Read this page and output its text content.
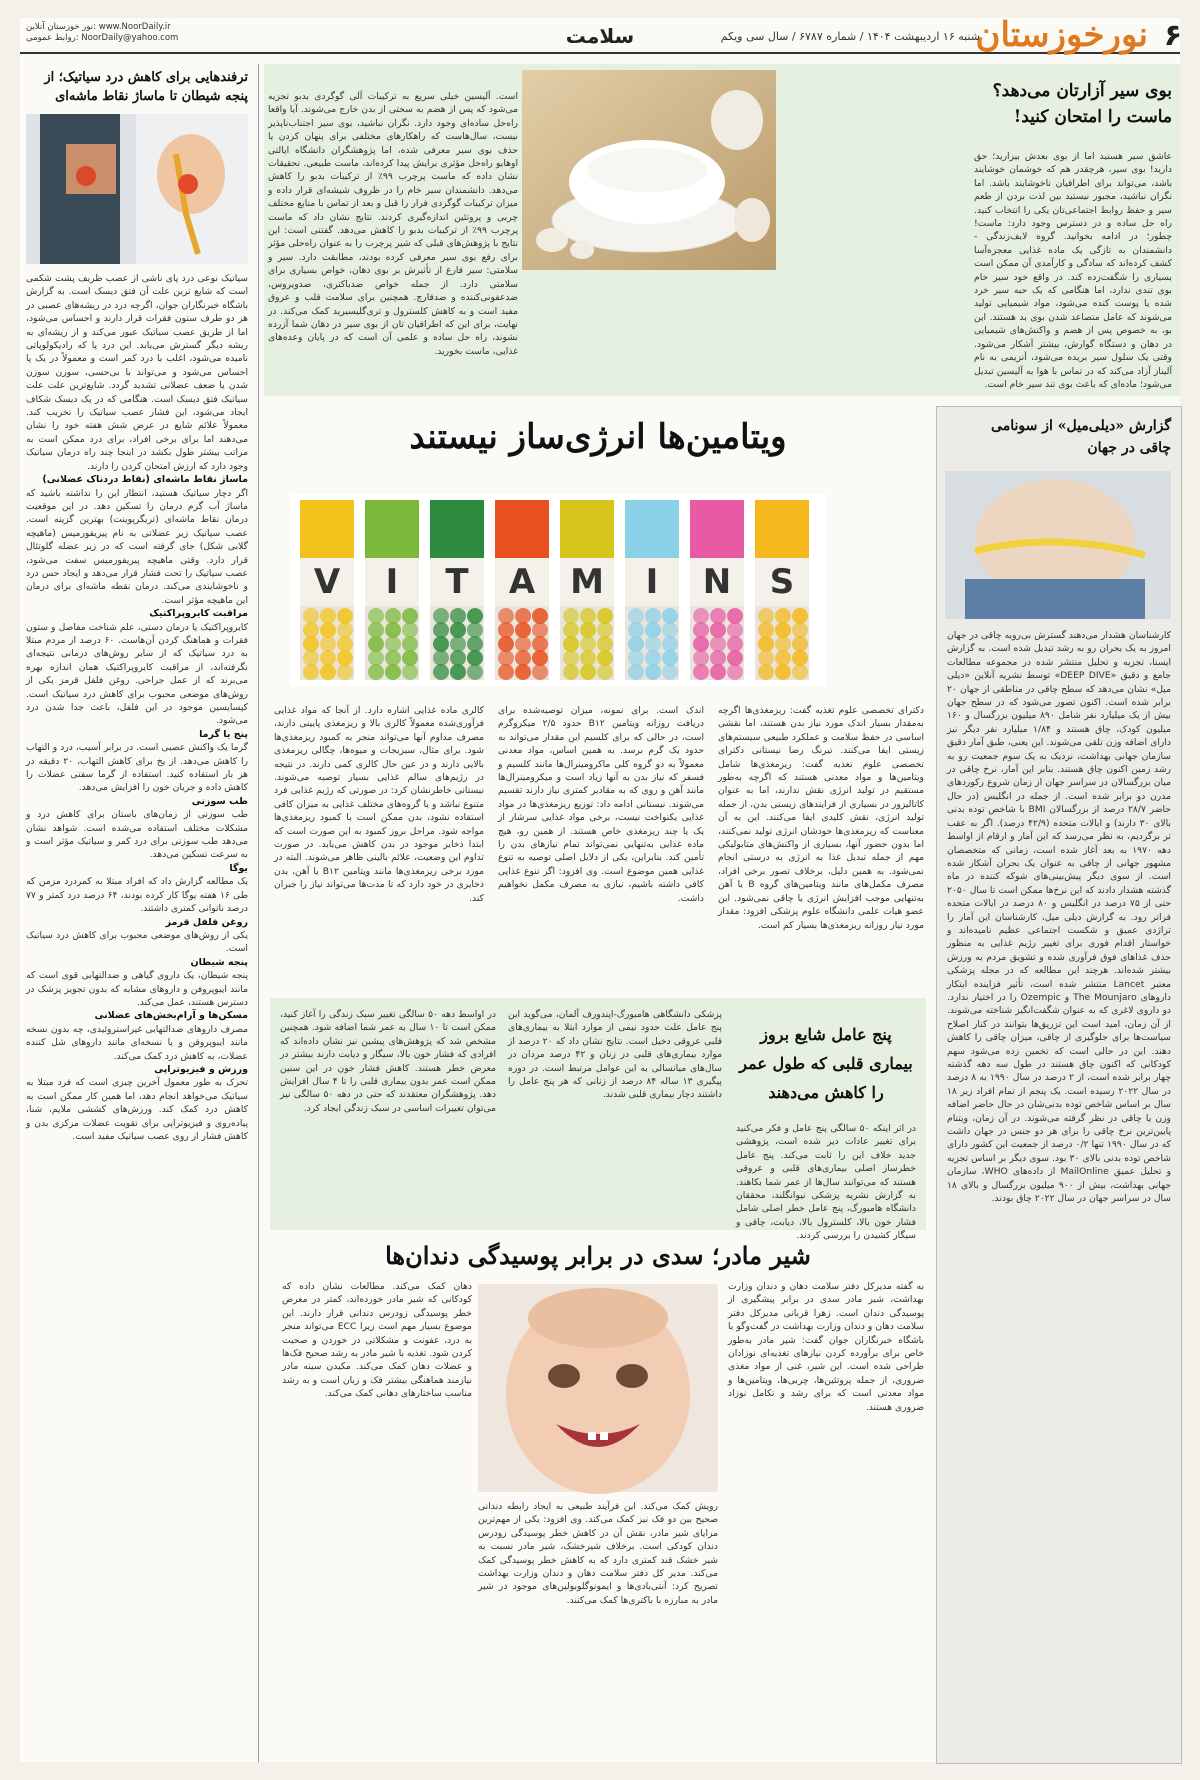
۶
نورخوزستان
شنبه ۱۶ اردیبهشت ۱۴۰۴ / شماره ۶۷۸۷ / سال سی ویکم
سلامت
نور خوزستان آنلاین: www.NoorDaily.ir
روابط عمومی: NoorDaily@yahoo.com
بوی سیر آزارتان می‌دهد؟ ماست را امتحان کنید!
عاشق سیر هستید اما از بوی بعدش بیزارید؛ حق دارید! بوی سیر، هرچقدر هم که خوشمان خوشایند باشد، می‌تواند برای اطرافیان ناخوشایند باشد. اما نگران نباشید، مجبور نیستید بین لذت بردن از طعم سیر و حفظ روابط اجتماعی‌تان یکی را انتخاب کنید. راه حل ساده و در دسترس وجود دارد: ماست! چطور؛ در ادامه بخوانید. گروه لایف‌زندگی - دانشمندان به تازگی یک ماده غذایی معجزه‌آسا کشف کرده‌اند که سادگی و کارآمدی آن ممکن است بسیاری را شگفت‌زده کند. در واقع خود سیر خام بوی تندی ندارد، اما هنگامی که یک حبه سیر خرد شده یا پوست کنده می‌شود، مواد شیمیایی تولید می‌شوند که عامل متصاعد شدن بوی بد هستند. این بو، به خصوص پس از هضم و واکنش‌های شیمیایی در دهان و دستگاه گوارش، بیشتر آشکار می‌شود. وقتی یک سلول سیر بریده می‌شود، آنزیمی به نام آلیناز آزاد می‌کند که در تماس با هوا به آلیسین تبدیل می‌شود؛ ماده‌ای که باعث بوی تند سیر خام است.
است. آلیسین خیلی سریع به ترکیبات آلی گوگردی بدبو تجزیه می‌شود که پس از هضم به سختی از بدن خارج می‌شوند. آیا واقعا راه‌حل ساده‌ای وجود دارد. نگران نباشید، بوی سیر اجتناب‌ناپذیر نیست، سال‌هاست که راهکارهای مختلفی برای پنهان کردن یا حذف بوی سیر معرفی شده، اما پژوهشگران دانشگاه ایالتی اوهایو راه‌حل مؤثری برایش پیدا کرده‌اند، ماست طبیعی. تحقیقات نشان داده که ماست پرچرب ۹۹٪ از ترکیبات بدبو را کاهش می‌دهد. دانشمندان سیر خام را در ظروف شیشه‌ای قرار داده و میزان ترکیبات گوگردی فرار را قبل و بعد از تماس با منابع مختلف چربی و پروتئین اندازه‌گیری کردند. نتایج نشان داد که ماست پرچرب ۹۹٪ از ترکیبات بدبو را کاهش می‌دهد. گفتنی است: این نتایج با پژوهش‌های قبلی که شیر پرچرب را به عنوان راه‌حلی مؤثر برای رفع بوی سیر معرفی کرده بودند، مطابقت دارد. سیر و سلامتی: سیر فارغ از تأثیرش بر بوی دهان، خواص بسیاری برای سلامتی دارد. از جمله خواص ضدباکتری، ضدویروس، ضدعفونی‌کننده و ضدقارچ. همچنین برای سلامت قلب و عروق مفید است و به کاهش کلسترول و تری‌گلیسیرید کمک می‌کند. در نهایت، برای این که اطرافیان تان از بوی سیر در دهان شما آزرده نشوند، راه حل ساده و علمی آن است که در پایان وعده‌های غذایی، ماست بخورید.
ترفندهایی برای کاهش درد سیاتیک؛ از پنجه شیطان تا ماساژ نقاط ماشه‌ای
سیاتیک نوعی درد پای ناشی از عصب ظریف پشت شکمی است که شایع ترین علت آن فتق دیسک است. به گزارش باشگاه خبرنگاران جوان، اگرچه درد در ریشه‌های عصبی در هر دو طرف ستون فقرات قرار دارند و احساس می‌شود، اما از طریق عصب سیاتیک عبور می‌کند و از ریشه‌ای به ریشه دیگر گسترش می‌یابد. این درد پا که رادیکولوپاتی نامیده می‌شود، اغلب با درد کمر است و معمولاً در یک پا احساس می‌شود و می‌تواند با بی‌حسی، سوزن سوزن شدن یا ضعف عضلانی تشدید گردد. شایع‌ترین علت علت سیاتیک فتق دیسک است. هنگامی که در یک دیسک شکاف ایجاد می‌شود، این فشار عصب سیاتیک را تخریب کند. معمولاً علائم شایع در عرض شش هفته خود را نشان می‌دهند اما برای برخی افراد، برای درد ممکن است به مراتب بیشتر طول بکشد در اینجا چند راه درمان سیاتیک وجود دارد که ارزش امتحان کردن را دارند.
ماساژ نقاط ماشه‌ای (نقاط دردناک عضلانی)
اگر دچار سیاتیک هستید، انتظار این را نداشته باشید که ماساژ آب گرم درمان را تسکین دهد. در این موقعیت درمان نقاط ماشه‌ای (تریگرپوینت) بهترین گزینه است. عصب سیاتیک زیر عضلاتی به نام پیریفورمیس (ماهیچه گلابی شکل) جای گرفته است که در زیر عضله گلوتئال قرار دارد. وقتی ماهیچه پیریفورمیس سفت می‌شود، عصب سیاتیک را تحت فشار قرار می‌دهد و ایجاد حس درد و ناخوشایندی می‌کند. درمان نقطه ماشه‌ای برای درمان این ماهیچه مؤثر است.
مراقبت کایروپراکتیک
کایروپراکتیک یا درمان دستی، علم شناخت مفاصل و ستون فقرات و هماهنگ کردن آن‌هاست. ۶۰ درصد از مردم مبتلا به درد سیاتیک که از سایر روش‌های درمانی نتیجه‌ای نگرفته‌اند، از مراقبت کایروپراکتیک همان اندازه بهره می‌برند که از عمل جراحی. روغن فلفل قرمز یکی از روش‌های موضعی محبوب برای کاهش درد سیاتیک است. کپسایسین موجود در این فلفل، باعث جدا شدن درد می‌شود.
پنج یا گرما
گرما یک واکنش عصبی است. در برابر آسیب، درد و التهاب را کاهش می‌دهد. از یخ برای کاهش التهاب، ۲۰ دقیقه در هر بار استفاده کنید. استفاده از گرما سفتی عضلات را کاهش داده و جریان خون را افزایش می‌دهد.
طب سوزنی
طب سوزنی از زمان‌های باستان برای کاهش درد و مشکلات مختلف استفاده می‌شده است. شواهد نشان می‌دهد طب سوزنی برای درد کمر و سیاتیک مؤثر است و به سرعت تسکین می‌دهد.
یوگا
یک مطالعه گزارش داد که افراد مبتلا به کمردرد مزمن که طی ۱۶ هفته یوگا کار کرده بودند، ۶۴ درصد درد کمتر و ۷۷ درصد ناتوانی کمتری داشتند.
روغن فلفل قرمز
یکی از روش‌های موضعی محبوب برای کاهش درد سیاتیک است.
پنجه شیطان
پنجه شیطان، یک داروی گیاهی و ضدالتهابی قوی است که مانند ایبوپروفن و داروهای مشابه که بدون تجویز پزشک در دسترس هستند، عمل می‌کند.
مسکن‌ها و آرام‌بخش‌های عضلانی
مصرف داروهای ضدالتهابی غیراستروئیدی، چه بدون نسخه مانند ایبوپروفن و یا نسخه‌ای مانند داروهای شل کننده عضلات، به کاهش درد کمک می‌کند.
ورزش و فیزیوتراپی
تحرک به طور معمول آخرین چیزی است که فرد مبتلا به سیاتیک می‌خواهد انجام دهد، اما همین کار ممکن است به کاهش درد کمک کند. ورزش‌های کششی ملایم، شنا، پیاده‌روی و فیزیوتراپی برای تقویت عضلات مرکزی بدن و کاهش فشار از روی عصب سیاتیک مفید است.
گزارش «دیلی‌میل» از سونامی چاقی در جهان
کارشناسان هشدار می‌دهند گسترش بی‌رویه چاقی در جهان امروز به یک بحران رو به رشد تبدیل شده است. به گزارش ایسنا، تجزیه و تحلیل منتشر شده در مجموعه مطالعات جامع و دقیق «DEEP DIVE» توسط نشریه آنلاین «دیلی میل» نشان می‌دهد که سطح چاقی در مناطقی از جهان ۲۰ برابر شده است. اکنون تصور می‌شود که در سطح جهان بیش از یک میلیارد نفر شامل ۸۹۰ میلیون بزرگسال و ۱۶۰ میلیون کودک، چاق هستند و ۱/۸۴ میلیارد نفر دیگر نیز دارای اضافه وزن تلقی می‌شوند. این یعنی، طبق آمار دقیق سازمان جهانی بهداشت، نزدیک به یک سوم جمعیت رو به رشد زمین اکنون چاق هستند. بنابر این آمار، نرخ چاقی در میان بزرگسالان در سراسر جهان از زمان شروع رکوردهای مدرن دو برابر شده است. از جمله در انگلیس (در حال حاضر ۲۸/۷ درصد از بزرگسالان BMI با شاخص توده بدنی بالای ۳۰ دارند) و ایالات متحده (۴۲/۹ درصد). اگر به عقب تر برگردیم، به نظر می‌رسد که این آمار و ارقام از اواسط دهه ۱۹۷۰ به بعد آغاز شده است، زمانی که متخصصان مشهور جهانی از چاقی به عنوان یک بحران آشکار شده است. از سوی دیگر پیش‌بینی‌های شوکه کننده در ماه گذشته هشدار دادند که این نرخ‌ها ممکن است تا سال ۲۰۵۰ حتی از ۷۵ درصد در انگلیس و ۸۰ درصد در ایالات متحده فراتر رود. به گزارش دیلی میل، کارشناسان این آمار را تراژدی عمیق و شکست اجتماعی عظیم نامیده‌اند و خواستار اقدام فوری برای تغییر رژیم غذایی به منظور حذف غذاهای فوق فرآوری شده و تشویق مردم به ورزش بیشتر شده‌اند. هرچند این مطالعه که در مجله پزشکی معتبر Lancet منتشر شده است، تأثیر فزاینده ابتکار داروهای The Mounjaro و Ozempic را در اختیار ندارد. دو داروی لاغری که به عنوان شگفت‌انگیز شناخته می‌شوند. از آن زمان، امید است این تزریق‌ها بتوانند در کنار اصلاح سیاست‌ها برای جلوگیری از چاقی، میزان چاقی را کاهش دهند. این در حالی است که تخمین زده می‌شود سهم کودکانی که اکنون چاق هستند در طول سه دهه گذشته چهار برابر شده است، از ۲ درصد در سال ۱۹۹۰ به ۸ درصد در سال ۲۰۲۲ رسیده است. یک پنجم از تمام افراد زیر ۱۸ سال بر اساس شاخص توده بدنی‌شان در حال حاضر اضافه وزن یا چاقی در نظر گرفته می‌شوند. در آن زمان، ویتنام پایین‌ترین نرخ چاقی را برای هر دو جنس در جهان داشت که در سال ۱۹۹۰ تنها ۰/۲ درصد از جمعیت این کشور دارای شاخص توده بدنی بالای ۳۰ بود. سوی دیگر بر اساس تجزیه و تحلیل عمیق MailOnline از داده‌های WHO، سازمان جهانی بهداشت، بیش از ۹۰۰ میلیون بزرگسال و بالای ۱۸ سال در سراسر جهان در سال ۲۰۲۲ چاق بودند.
ویتامین‌ها انرژی‌ساز نیستند
V	I	T	A	M	I	N	S
دکترای تخصصی علوم تغذیه گفت: ریزمغذی‌ها اگرچه به‌مقدار بسیار اندک مورد نیاز بدن هستند، اما نقشی اساسی در حفظ سلامت و عملکرد طبیعی سیستم‌های زیستی ایفا می‌کنند. تیرنگ رضا نیستانی دکترای تخصصی علوم تغذیه گفت: ریزمغذی‌ها شامل ویتامین‌ها و مواد معدنی هستند که اگرچه به‌طور مستقیم در تولید انرژی نقش ندارند، اما به عنوان کاتالیزور در بسیاری از فرایندهای زیستی بدن، از جمله تولید انرژی، نقش کلیدی ایفا می‌کنند. این به آن معناست که ریزمغذی‌ها خودشان انرژی تولید نمی‌کنند، اما بدون حضور آنها، بسیاری از واکنش‌های متابولیکی مهم از جمله تبدیل غذا به انرژی به درستی انجام نمی‌شود. به همین دلیل، برخلاف تصور برخی افراد، مصرف مکمل‌های مانند ویتامین‌های گروه B یا آهن به‌تنهایی موجب افزایش انرژی یا چاقی نمی‌شود. این عضو هیات علمی دانشگاه علوم پزشکی افزود: مقدار مورد نیاز روزانه ریزمغذی‌ها بسیار کم است.
اندک است. برای نمونه، میزان توصیه‌شده برای دریافت روزانه ویتامین B۱۲ حدود ۲/۵ میکروگرم است، در حالی که برای کلسیم این مقدار می‌تواند به حدود یک گرم برسد. به همین اساس، مواد معدنی معمولاً به دو گروه کلی ماکرومینرال‌ها مانند کلسیم و فسفر که نیاز بدن به آنها زیاد است و میکرومینرال‌ها مانند آهن و روی که به مقادیر کمتری نیاز دارند تقسیم می‌شوند. نیستانی ادامه داد: توزیع ریزمغذی‌ها در مواد غذایی یکنواخت نیست، برخی مواد غذایی سرشار از یک یا چند ریزمغذی خاص هستند. از همین رو، هیچ ماده غذایی به‌تنهایی نمی‌تواند تمام نیازهای بدن را تأمین کند. بنابراین، یکی از دلایل اصلی توصیه به تنوع غذایی همین موضوع است. وی افزود: اگر تنوع غذایی کافی داشته باشیم، نیازی به مصرف مکمل نخواهیم داشت.
کالری ماده غذایی اشاره دارد. از آنجا که مواد غذایی فرآوری‌شده معمولاً کالری بالا و ریزمغذی پایینی دارند، مصرف مداوم آنها می‌تواند منجر به کمبود ریزمغذی‌ها شود. برای مثال، سبزیجات و میوه‌ها، چگالی ریزمغذی بالایی دارند و در عین حال کالری کمی دارند. در نتیجه در رژیم‌های سالم غذایی بسیار توصیه می‌شوند. نیستانی خاطرنشان کرد: در صورتی که رژیم غذایی فرد متنوع نباشد و یا گروه‌های مختلف غذایی به میزان کافی استفاده نشود، بدن ممکن است با کمبود ریزمغذی‌ها مواجه شود. مراحل بروز کمبود به این صورت است که ابتدا ذخایر موجود در بدن کاهش می‌یابد. در صورت تداوم این وضعیت، علائم بالینی ظاهر می‌شوند. البته در مورد برخی ریزمغذی‌ها مانند ویتامین B۱۲ یا آهن، بدن ذخایری در خود دارد که تا مدت‌ها می‌تواند نیاز را جبران کند.
پنج عامل شایع بروز بیماری قلبی که طول عمر را کاهش می‌دهند
در اثر اینکه ۵۰ سالگی پنج عامل و فکر می‌کنید برای تغییر عادات دیر شده است، پژوهشی جدید خلاف این را ثابت می‌کند. پنج عامل خطرساز اصلی بیماری‌های قلبی و عروقی هستند که می‌توانند سال‌ها از عمر شما بکاهند. به گزارش نشریه پزشکی نیوانگلند، محققان دانشگاه هامبورگ، پنج عامل خطر اصلی شامل فشار خون بالا، کلسترول بالا، دیابت، چاقی و سیگار کشیدن را بررسی کردند.
پزشکی دانشگاهی هامبورگ-اپندورف آلمان، می‌گوید این پنج عامل علت حدود نیمی از موارد ابتلا به بیماری‌های قلبی عروقی دخیل است. نتایج نشان داد که ۲۰ درصد از موارد بیماری‌های قلبی در زنان و ۴۲ درصد مردان در سال‌های میانسالی به این عوامل مرتبط است. در دوره پیگیری ۱۳ ساله ۸۴ درصد از زنانی که هر پنج عامل را داشتند دچار بیماری قلبی شدند.
در اواسط دهه ۵۰ سالگی تغییر سبک زندگی را آغاز کنید، ممکن است تا ۱۰ سال به عمر شما اضافه شود. همچنین مشخص شد که پژوهش‌های پیشین نیز نشان داده‌اند که افرادی که فشار خون بالا، سیگار و دیابت دارند بیشتر در معرض خطر هستند. کاهش فشار خون در این سنین ممکن است عمر بدون بیماری قلبی را تا ۴ سال افزایش دهد. پژوهشگران معتقدند که حتی در دهه ۵۰ سالگی نیز می‌توان تغییرات اساسی در سبک زندگی ایجاد کرد.
شیر مادر؛ سدی در برابر پوسیدگی دندان‌ها
به گفته مدیرکل دفتر سلامت دهان و دندان وزارت بهداشت، شیر مادر سدی در برابر پیشگیری از پوسیدگی دندان است. زهرا قربانی مدیرکل دفتر سلامت دهان و دندان وزارت بهداشت در گفت‌وگو با باشگاه خبرنگاران جوان گفت: شیر مادر به‌طور خاص برای برآورده کردن نیازهای تغذیه‌ای نوزادان طراحی شده است. این شیر، غنی از مواد مغذی ضروری، از جمله پروتئین‌ها، چربی‌ها، ویتامین‌ها و مواد معدنی است که برای رشد و تکامل نوزاد ضروری هستند.
دهان کمک می‌کند. مطالعات نشان داده که کودکانی که شیر مادر خورده‌اند، کمتر در معرض خطر پوسیدگی زودرس دندانی قرار دارند. این موضوع بسیار مهم است زیرا ECC می‌تواند منجر به درد، عفونت و مشکلاتی در خوردن و صحبت کردن شود. تغذیه با شیر مادر به رشد صحیح فک‌ها و عضلات دهان کمک می‌کند. مکیدن سینه مادر نیازمند هماهنگی بیشتر فک و زبان است و به رشد مناسب ساختارهای دهانی کمک می‌کند.
رویش کمک می‌کند. این فرآیند طبیعی به ایجاد رابطه دندانی صحیح بین دو فک نیز کمک می‌کند. وی افزود: یکی از مهم‌ترین مزایای شیر مادر، نقش آن در کاهش خطر پوسیدگی زودرس دندان کودکی است. برخلاف شیرخشک، شیر مادر نسبت به شیر خشک قند کمتری دارد که به کاهش خطر پوسیدگی کمک می‌کند. مدیر کل دفتر سلامت دهان و دندان وزارت بهداشت تصریح کرد: آنتی‌بادی‌ها و ایمونوگلوبولین‌های موجود در شیر مادر به مبارزه با باکتری‌ها کمک می‌کنند.
